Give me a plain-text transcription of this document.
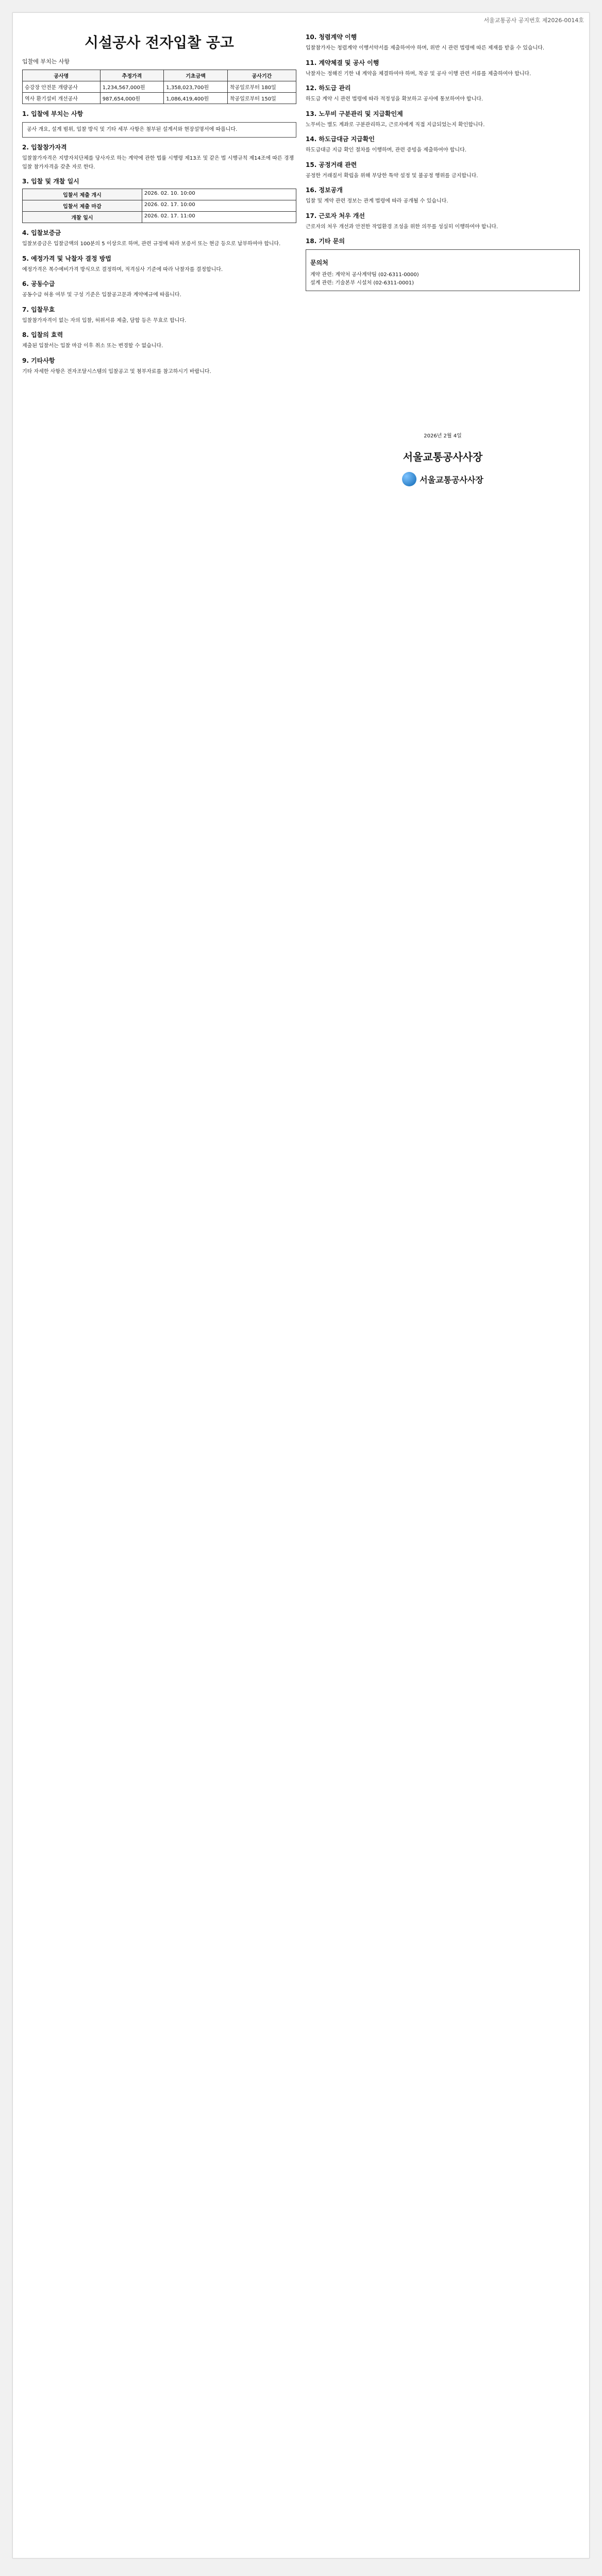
서울교통공사 공지번호 제2026-0014호
시설공사 전자입찰 공고
입찰에 부치는 사항
공사명	추정가격	기초금액	공사기간
승강장 안전문 개량공사	1,234,567,000원	1,358,023,700원	착공일로부터 180일
역사 환기설비 개선공사	987,654,000원	1,086,419,400원	착공일로부터 150일
1. 입찰에 부치는 사항
공사 개요, 설계 범위, 입찰 방식 및 기타 세부 사항은 첨부된 설계서와 현장설명서에 따릅니다.
2. 입찰참가자격
입찰참가자격은 지방자치단체를 당사자로 하는 계약에 관한 법률 시행령 제13조 및 같은 법 시행규칙 제14조에 따른 경쟁입찰 참가자격을 갖춘 자로 한다.
3. 입찰 및 개찰 일시
입찰서 제출 개시	2026. 02. 10. 10:00
입찰서 제출 마감	2026. 02. 17. 10:00
개찰 일시	2026. 02. 17. 11:00
4. 입찰보증금
입찰보증금은 입찰금액의 100분의 5 이상으로 하며, 관련 규정에 따라 보증서 또는 현금 등으로 납부하여야 합니다.
5. 예정가격 및 낙찰자 결정 방법
예정가격은 복수예비가격 방식으로 결정하며, 적격심사 기준에 따라 낙찰자를 결정합니다.
6. 공동수급
공동수급 허용 여부 및 구성 기준은 입찰공고문과 계약예규에 따릅니다.
7. 입찰무효
입찰참가자격이 없는 자의 입찰, 허위서류 제출, 담합 등은 무효로 합니다.
8. 입찰의 효력
제출된 입찰서는 입찰 마감 이후 취소 또는 변경할 수 없습니다.
9. 기타사항
기타 자세한 사항은 전자조달시스템의 입찰공고 및 첨부자료를 참고하시기 바랍니다.
10. 청렴계약 이행
입찰참가자는 청렴계약 이행서약서를 제출하여야 하며, 위반 시 관련 법령에 따른 제재를 받을 수 있습니다.
11. 계약체결 및 공사 이행
낙찰자는 정해진 기한 내 계약을 체결하여야 하며, 착공 및 공사 이행 관련 서류를 제출하여야 합니다.
12. 하도급 관리
하도급 계약 시 관련 법령에 따라 적정성을 확보하고 공사에 통보하여야 합니다.
13. 노무비 구분관리 및 지급확인제
노무비는 별도 계좌로 구분관리하고, 근로자에게 직접 지급되었는지 확인합니다.
14. 하도급대금 지급확인
하도급대금 지급 확인 절차를 이행하며, 관련 증빙을 제출하여야 합니다.
15. 공정거래 관련
공정한 거래질서 확립을 위해 부당한 특약 설정 및 불공정 행위를 금지합니다.
16. 정보공개
입찰 및 계약 관련 정보는 관계 법령에 따라 공개될 수 있습니다.
17. 근로자 처우 개선
근로자의 처우 개선과 안전한 작업환경 조성을 위한 의무를 성실히 이행하여야 합니다.
18. 기타 문의
문의처
계약 관련: 계약처 공사계약팀 (02-6311-0000)
설계 관련: 기술본부 시설처 (02-6311-0001)
2026년 2월 4일
서울교통공사사장
서울교통공사사장
